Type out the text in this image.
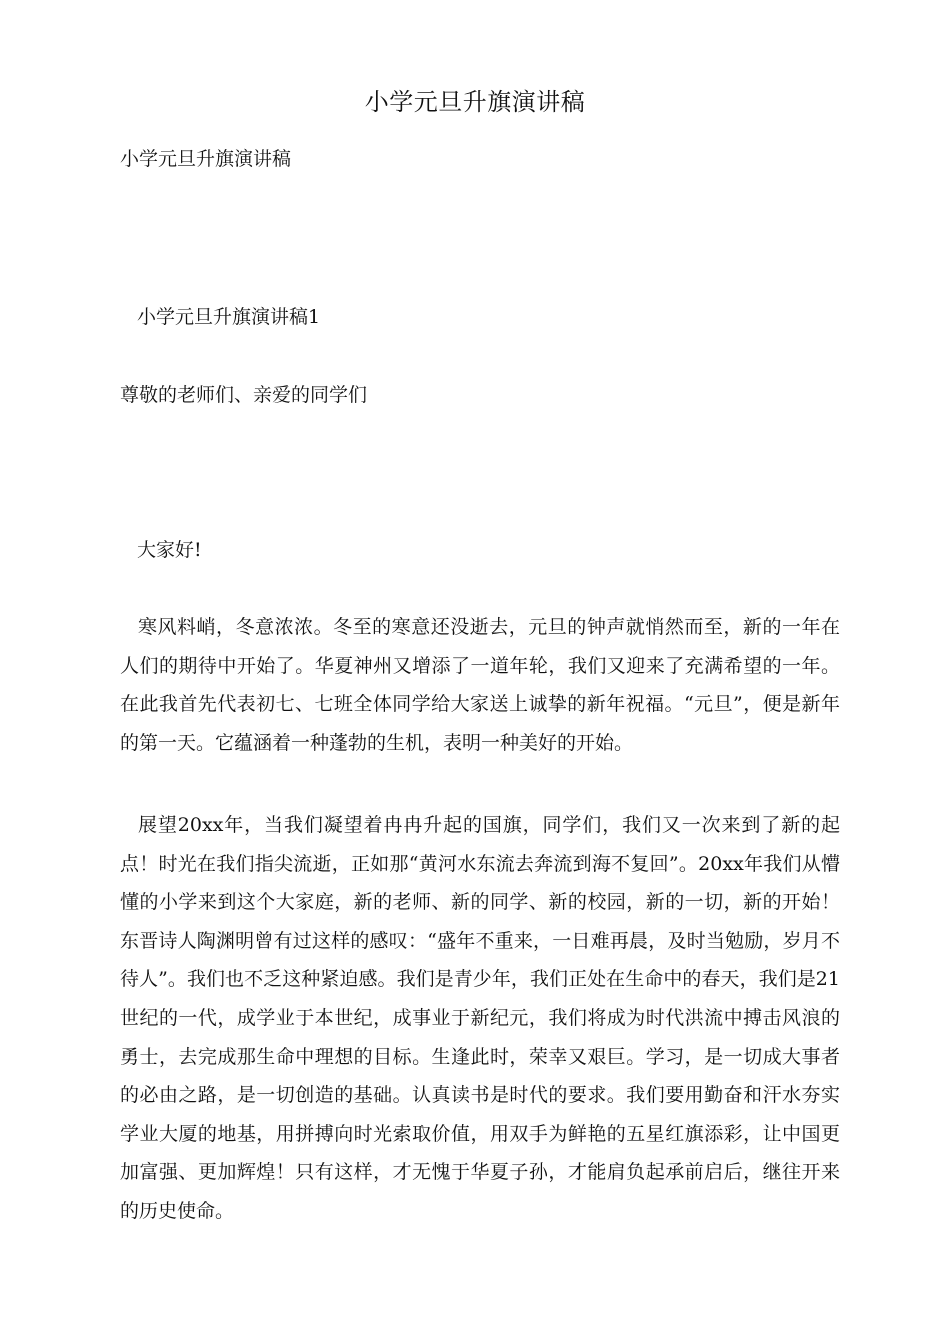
小学元旦升旗演讲稿
小学元旦升旗演讲稿
小学元旦升旗演讲稿1
尊敬的老师们、亲爱的同学们
大家好!
寒风料峭，冬意浓浓。冬至的寒意还没逝去，元旦的钟声就悄然而至，新的一年在人们的期待中开始了。华夏神州又增添了一道年轮，我们又迎来了充满希望的一年。在此我首先代表初七、七班全体同学给大家送上诚挚的新年祝福。“元旦”，便是新年的第一天。它蕴涵着一种蓬勃的生机，表明一种美好的开始。
展望20xx年，当我们凝望着冉冉升起的国旗，同学们，我们又一次来到了新的起点！时光在我们指尖流逝，正如那“黄河水东流去奔流到海不复回”。20xx年我们从懵懂的小学来到这个大家庭，新的老师、新的同学、新的校园，新的一切，新的开始！东晋诗人陶渊明曾有过这样的感叹：“盛年不重来，一日难再晨，及时当勉励，岁月不待人”。我们也不乏这种紧迫感。我们是青少年，我们正处在生命中的春天，我们是21世纪的一代，成学业于本世纪，成事业于新纪元，我们将成为时代洪流中搏击风浪的勇士，去完成那生命中理想的目标。生逢此时，荣幸又艰巨。学习，是一切成大事者的必由之路，是一切创造的基础。认真读书是时代的要求。我们要用勤奋和汗水夯实学业大厦的地基，用拼搏向时光索取价值，用双手为鲜艳的五星红旗添彩，让中国更加富强、更加辉煌！只有这样，才无愧于华夏子孙，才能肩负起承前启后，继往开来的历史使命。
